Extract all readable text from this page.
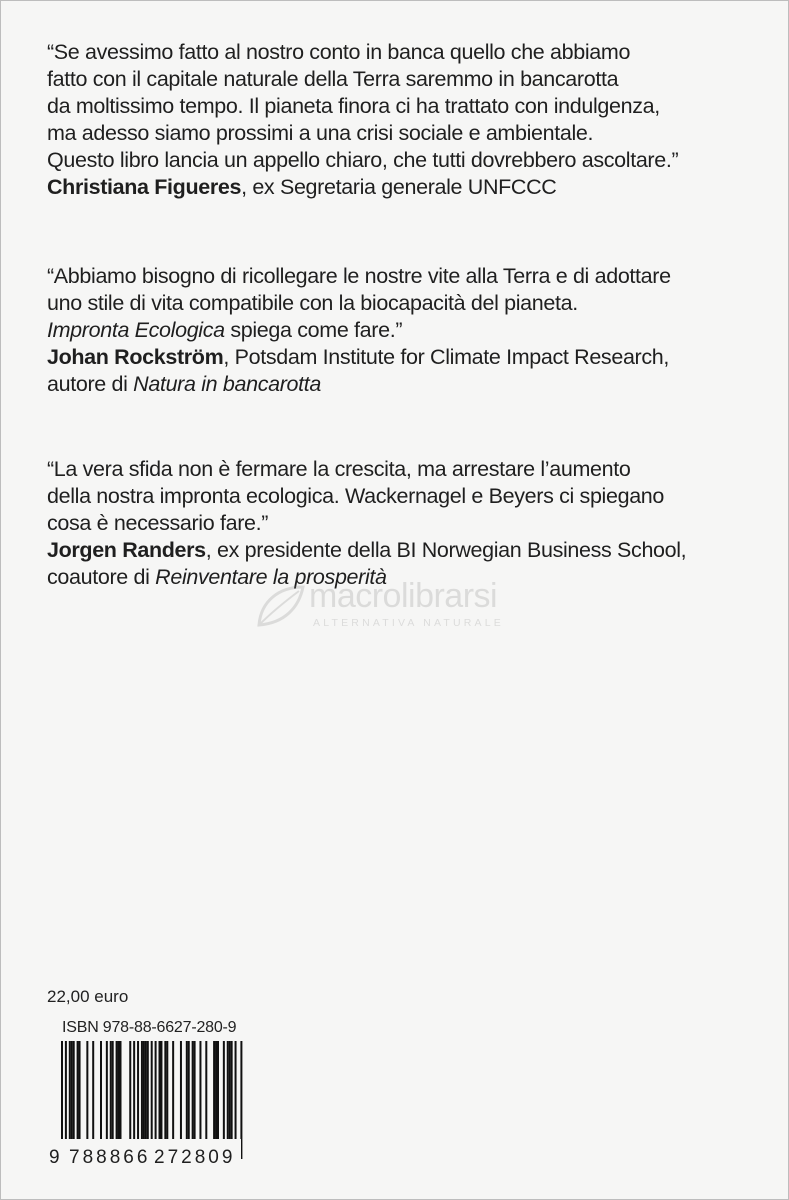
“Se avessimo fatto al nostro conto in banca quello che abbiamo

fatto con il capitale naturale della Terra saremmo in bancarotta

da moltissimo tempo. Il pianeta finora ci ha trattato con indulgenza,

ma adesso siamo prossimi a una crisi sociale e ambientale.

Questo libro lancia un appello chiaro, che tutti dovrebbero ascoltare.”

Christiana Figueres, ex Segretaria generale UNFCCC

“Abbiamo bisogno di ricollegare le nostre vite alla Terra e di adottare

uno stile di vita compatibile con la biocapacità del pianeta.

Impronta Ecologica spiega come fare.”

Johan Rockström, Potsdam Institute for Climate Impact Research,

autore di Natura in bancarotta

“La vera sfida non è fermare la crescita, ma arrestare l’aumento

della nostra impronta ecologica. Wackernagel e Beyers ci spiegano

cosa è necessario fare.”

Jorgen Randers, ex presidente della BI Norwegian Business School,

coautore di Reinventare la prosperità

macrolibrarsi
ALTERNATIVA NATURALE
22,00 euro
ISBN 978-88-6627-280-9
9 788866 272809
